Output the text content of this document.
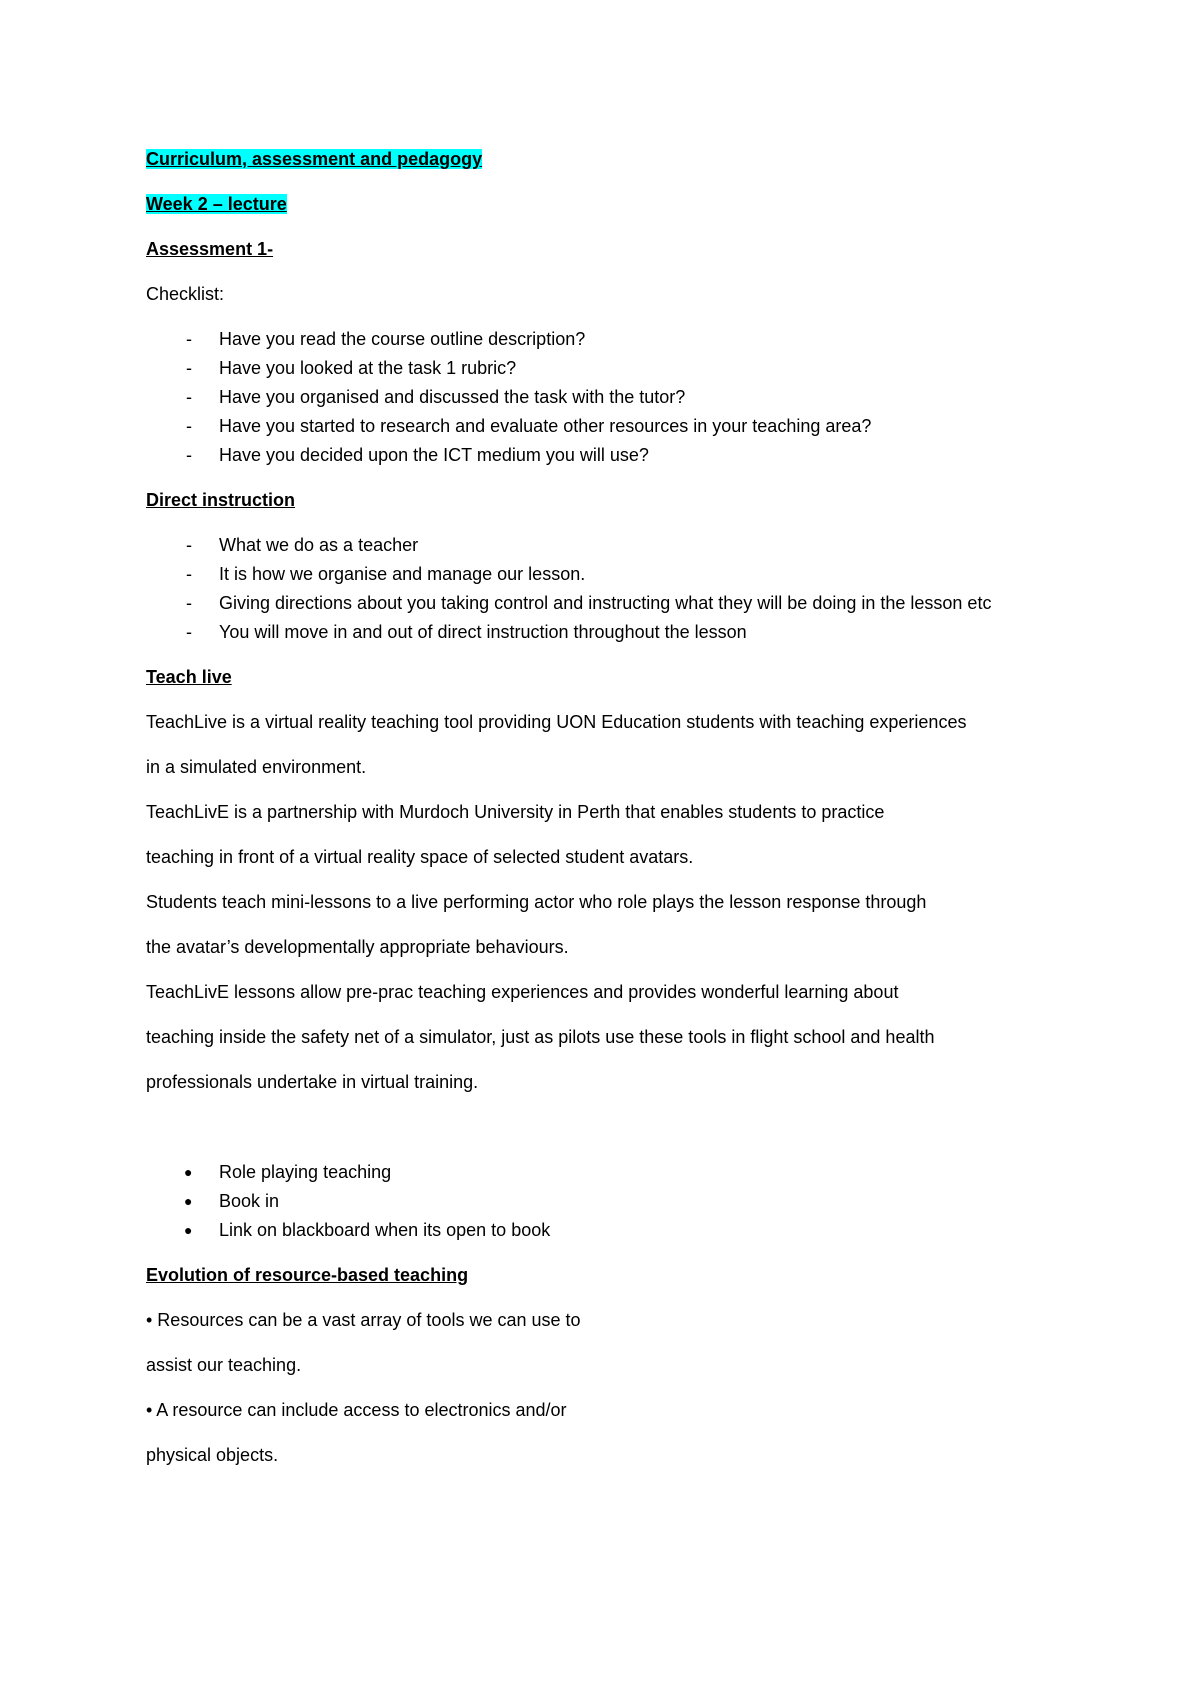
Curriculum, assessment and pedagogy

Week 2 – lecture

Assessment 1-

Checklist:

- Have you read the course outline description?
- Have you looked at the task 1 rubric?
- Have you organised and discussed the task with the tutor?
- Have you started to research and evaluate other resources in your teaching area?
- Have you decided upon the ICT medium you will use?

Direct instruction

- What we do as a teacher
- It is how we organise and manage our lesson.
- Giving directions about you taking control and instructing what they will be doing in the lesson etc
- You will move in and out of direct instruction throughout the lesson

Teach live

TeachLive is a virtual reality teaching tool providing UON Education students with teaching experiences

in a simulated environment.

TeachLivE is a partnership with Murdoch University in Perth that enables students to practice

teaching in front of a virtual reality space of selected student avatars.

Students teach mini-lessons to a live performing actor who role plays the lesson response through

the avatar’s developmentally appropriate behaviours.

TeachLivE lessons allow pre-prac teaching experiences and provides wonderful learning about

teaching inside the safety net of a simulator, just as pilots use these tools in flight school and health

professionals undertake in virtual training.

● Role playing teaching
● Book in
● Link on blackboard when its open to book

Evolution of resource-based teaching

• Resources can be a vast array of tools we can use to

assist our teaching.

• A resource can include access to electronics and/or

physical objects.
